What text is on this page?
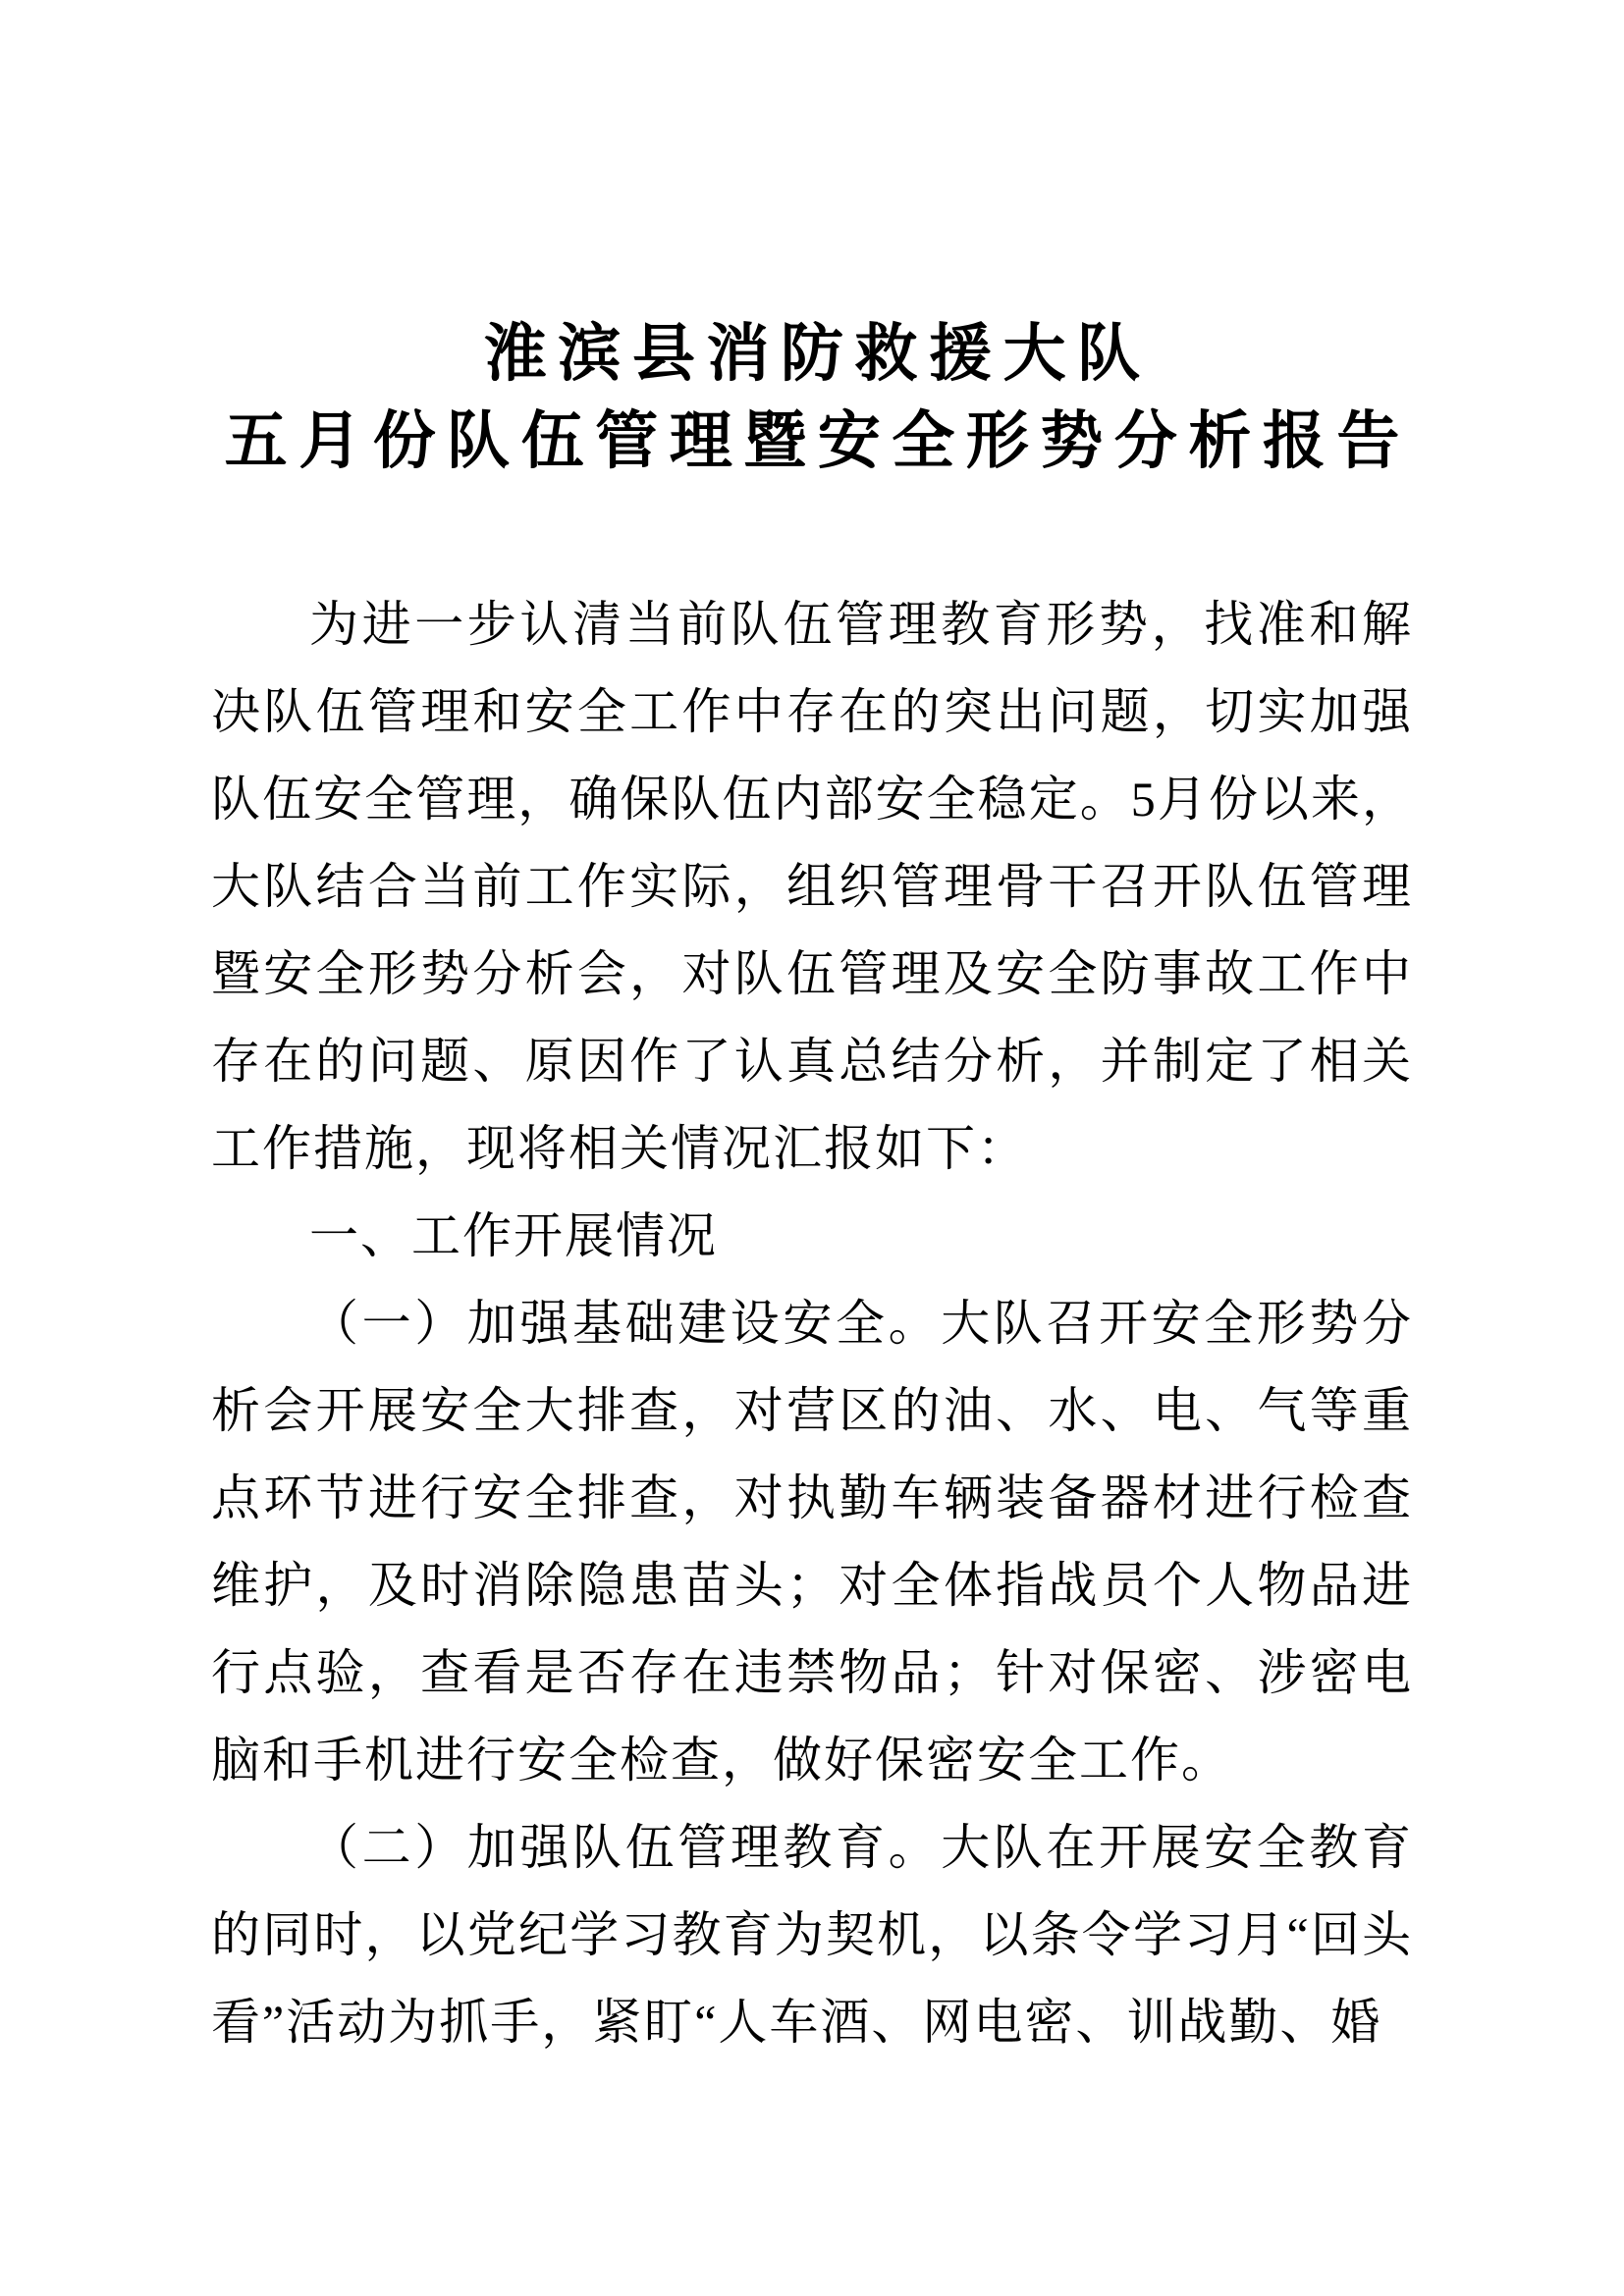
淮滨县消防救援大队
五月份队伍管理暨安全形势分析报告

为进一步认清当前队伍管理教育形势，找准和解决队伍管理和安全工作中存在的突出问题，切实加强队伍安全管理，确保队伍内部安全稳定。5月份以来，大队结合当前工作实际，组织管理骨干召开队伍管理暨安全形势分析会，对队伍管理及安全防事故工作中存在的问题、原因作了认真总结分析，并制定了相关工作措施，现将相关情况汇报如下：

一、工作开展情况

（一）加强基础建设安全。大队召开安全形势分析会开展安全大排查，对营区的油、水、电、气等重点环节进行安全排查，对执勤车辆装备器材进行检查维护，及时消除隐患苗头；对全体指战员个人物品进行点验，查看是否存在违禁物品；针对保密、涉密电脑和手机进行安全检查，做好保密安全工作。

（二）加强队伍管理教育。大队在开展安全教育的同时，以党纪学习教育为契机，以条令学习月“回头看”活动为抓手，紧盯“人车酒、网电密、训战勤、婚
